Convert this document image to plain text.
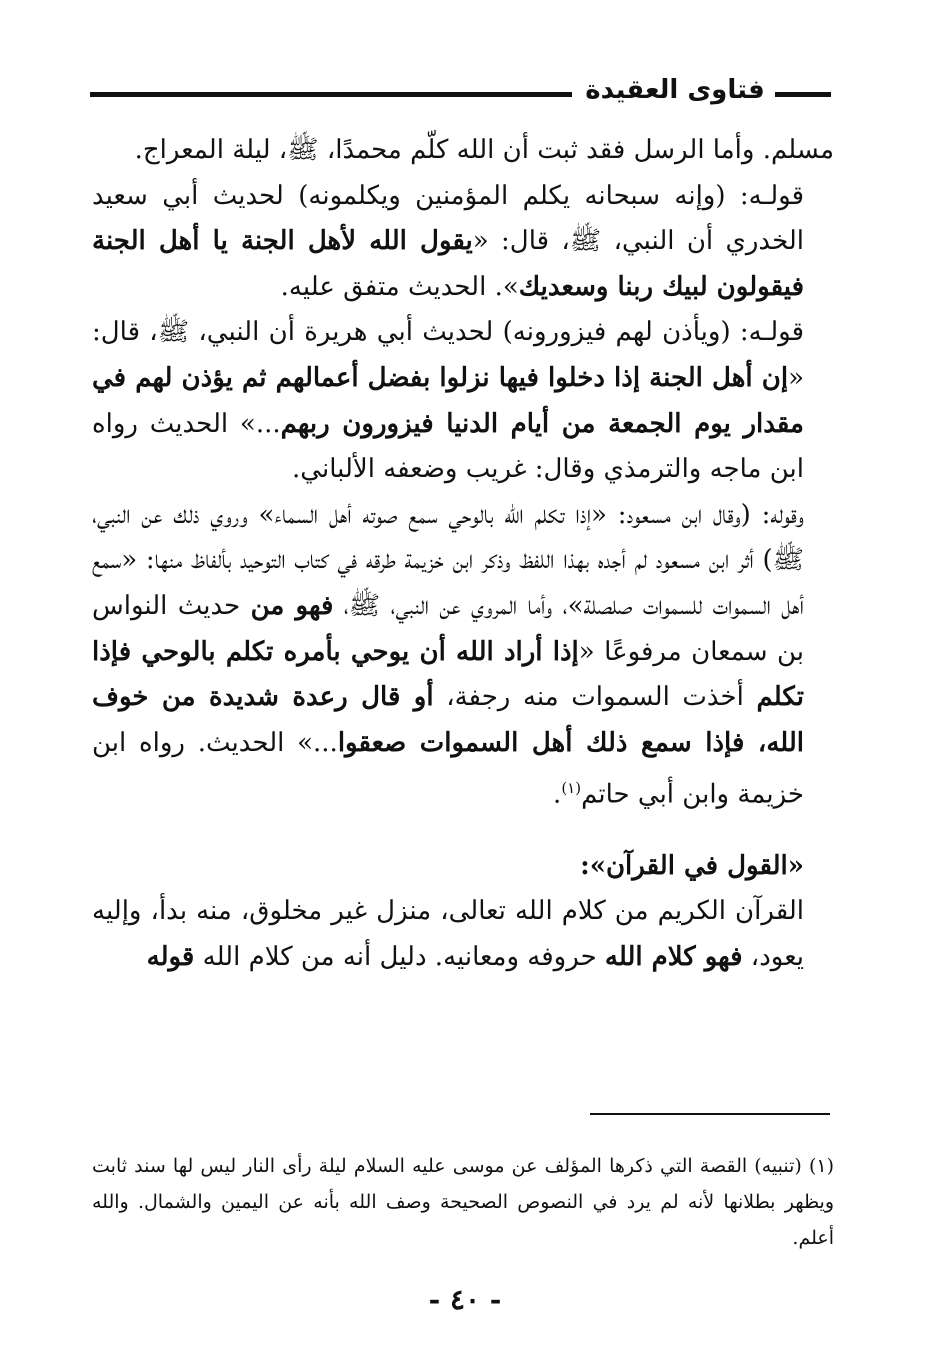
فتاوى العقيدة

مسلم. وأما الرسل فقد ثبت أن الله كلّم محمدًا، ﷺ، ليلة المعراج.

قولـه: (وإنه سبحانه يكلم المؤمنين ويكلمونه) لحديث أبي سعيد الخدري أن النبي، ﷺ، قال: «يقول الله لأهل الجنة يا أهل الجنة فيقولون لبيك ربنا وسعديك». الحديث متفق عليه.

قولـه: (ويأذن لهم فيزورونه) لحديث أبي هريرة أن النبي، ﷺ، قال: «إن أهل الجنة إذا دخلوا فيها نزلوا بفضل أعمالهم ثم يؤذن لهم في مقدار يوم الجمعة من أيام الدنيا فيزورون ربهم...» الحديث رواه ابن ماجه والترمذي وقال: غريب وضعفه الألباني.

وقوله: (وقال ابن مسعود: «إذا تكلم الله بالوحي سمع صوته أهل السماء» وروي ذلك عن النبي، ﷺ) أثر ابن مسعود لم أجده بهذا اللفظ وذكر ابن خزيمة طرقه في كتاب التوحيد بألفاظ منها: «سمع أهل السموات للسموات صلصلة»، وأما المروي عن النبي، ﷺ، فهو من حديث النواس بن سمعان مرفوعًا «إذا أراد الله أن يوحي بأمره تكلم بالوحي فإذا تكلم أخذت السموات منه رجفة، أو قال رعدة شديدة من خوف الله، فإذا سمع ذلك أهل السموات صعقوا...» الحديث. رواه ابن خزيمة وابن أبي حاتم$^{(١)}$.

«القول في القرآن»:

القرآن الكريم من كلام الله تعالى، منزل غير مخلوق، منه بدأ، وإليه يعود، فهو كلام الله حروفه ومعانيه. دليل أنه من كلام الله قوله

(١) (تنبيه) القصة التي ذكرها المؤلف عن موسى عليه السلام ليلة رأى النار ليس لها سند ثابت ويظهر بطلانها لأنه لم يرد في النصوص الصحيحة وصف الله بأنه عن اليمين والشمال. والله أعلم.

- ٤٠ -
